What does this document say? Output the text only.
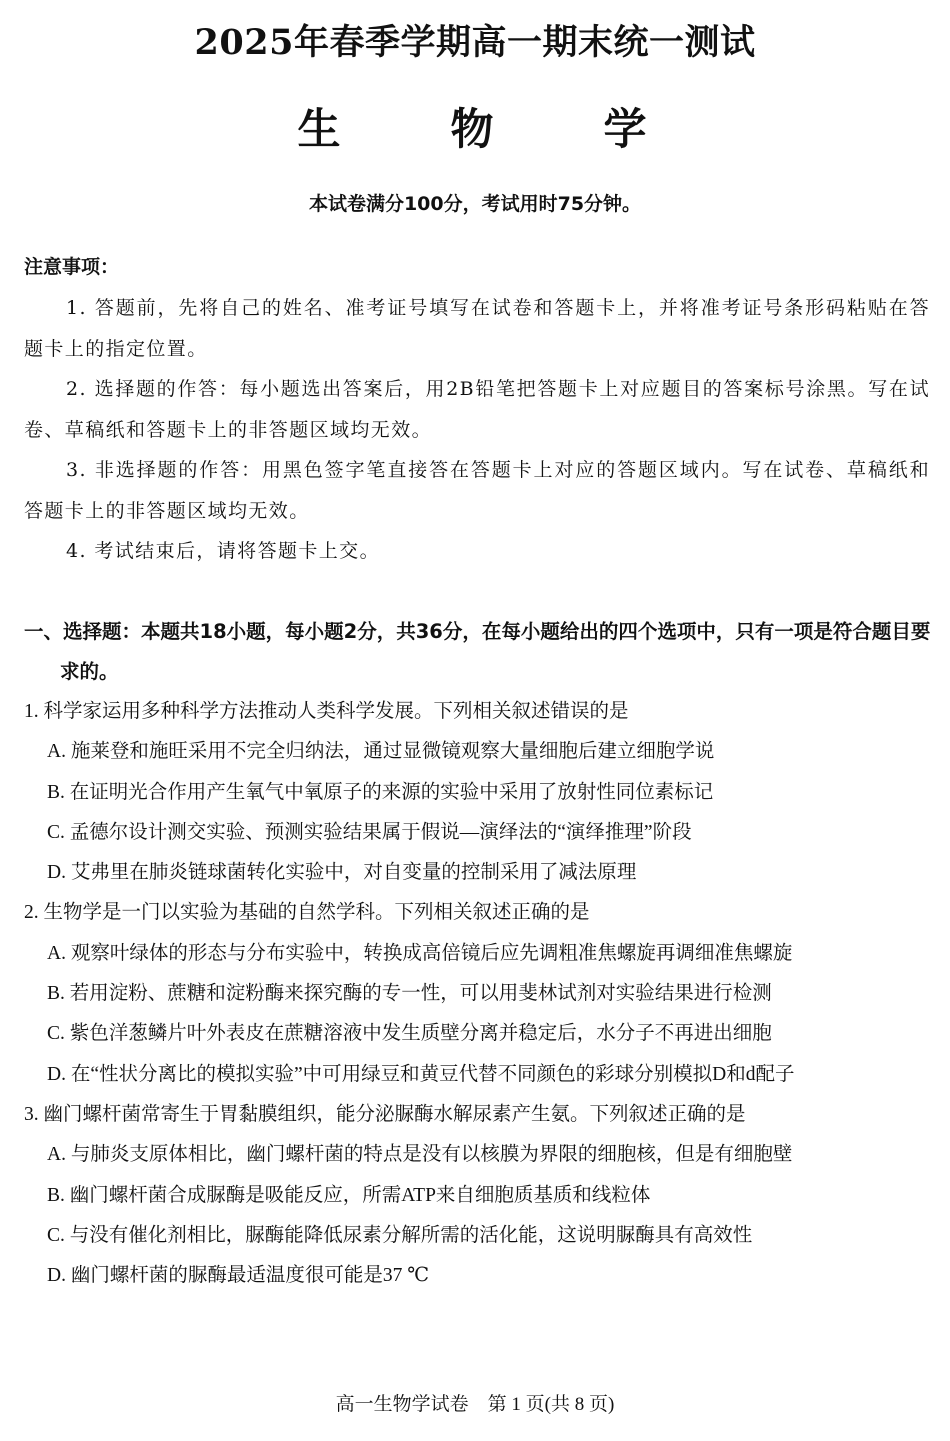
2025年春季学期高一期末统一测试
生 物 学
本试卷满分100分，考试用时75分钟。
注意事项：

1. 答题前，先将自己的姓名、准考证号填写在试卷和答题卡上，并将准考证号条形码粘贴在答题卡上的指定位置。

2. 选择题的作答：每小题选出答案后，用2B铅笔把答题卡上对应题目的答案标号涂黑。写在试卷、草稿纸和答题卡上的非答题区域均无效。

3. 非选择题的作答：用黑色签字笔直接答在答题卡上对应的答题区域内。写在试卷、草稿纸和答题卡上的非答题区域均无效。

4. 考试结束后，请将答题卡上交。

一、选择题：本题共18小题，每小题2分，共36分，在每小题给出的四个选项中，只有一项是符合题目要求的。

1. 科学家运用多种科学方法推动人类科学发展。下列相关叙述错误的是

A. 施莱登和施旺采用不完全归纳法，通过显微镜观察大量细胞后建立细胞学说

B. 在证明光合作用产生氧气中氧原子的来源的实验中采用了放射性同位素标记

C. 孟德尔设计测交实验、预测实验结果属于假说—演绎法的“演绎推理”阶段

D. 艾弗里在肺炎链球菌转化实验中，对自变量的控制采用了减法原理

2. 生物学是一门以实验为基础的自然学科。下列相关叙述正确的是

A. 观察叶绿体的形态与分布实验中，转换成高倍镜后应先调粗准焦螺旋再调细准焦螺旋

B. 若用淀粉、蔗糖和淀粉酶来探究酶的专一性，可以用斐林试剂对实验结果进行检测

C. 紫色洋葱鳞片叶外表皮在蔗糖溶液中发生质壁分离并稳定后，水分子不再进出细胞

D. 在“性状分离比的模拟实验”中可用绿豆和黄豆代替不同颜色的彩球分别模拟D和d配子

3. 幽门螺杆菌常寄生于胃黏膜组织，能分泌脲酶水解尿素产生氨。下列叙述正确的是

A. 与肺炎支原体相比，幽门螺杆菌的特点是没有以核膜为界限的细胞核，但是有细胞壁

B. 幽门螺杆菌合成脲酶是吸能反应，所需ATP来自细胞质基质和线粒体

C. 与没有催化剂相比，脲酶能降低尿素分解所需的活化能，这说明脲酶具有高效性

D. 幽门螺杆菌的脲酶最适温度很可能是37 ℃

高一生物学试卷　第 1 页(共 8 页)
